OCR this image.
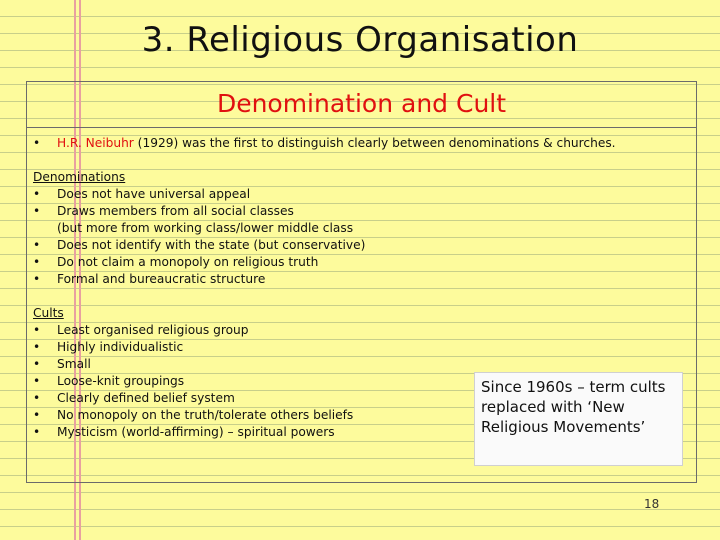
3. Religious Organisation
Denomination and Cult
• H.R. Neibuhr (1929) was the first to distinguish clearly between denominations & churches.
Denominations
• Does not have universal appeal
• Draws members from all social classes
(but more from working class/lower middle class
• Does not identify with the state (but conservative)
• Do not claim a monopoly on religious truth
• Formal and bureaucratic structure
Cults
• Least organised religious group
• Highly individualistic
• Small
• Loose-knit groupings
• Clearly defined belief system
• No monopoly on the truth/tolerate others beliefs
• Mysticism (world-affirming) – spiritual powers
Since 1960s – term cults replaced with ‘New Religious Movements’
18
